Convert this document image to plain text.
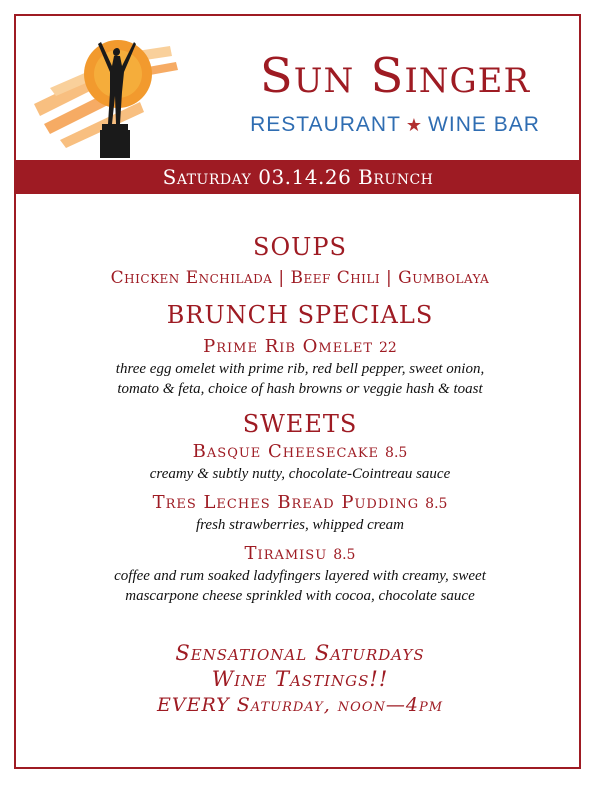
Sun Singer
RESTAURANT ★ WINE BAR
Saturday 03.14.26 Brunch
SOUPS
Chicken Enchilada | Beef Chili | Gumbolaya
BRUNCH SPECIALS
Prime Rib Omelet 22
three egg omelet with prime rib, red bell pepper, sweet onion,
tomato & feta, choice of hash browns or veggie hash & toast
SWEETS
Basque Cheesecake 8.5
creamy & subtly nutty, chocolate-Cointreau sauce
Tres Leches Bread Pudding 8.5
fresh strawberries, whipped cream
Tiramisu 8.5
coffee and rum soaked ladyfingers layered with creamy, sweet
mascarpone cheese sprinkled with cocoa, chocolate sauce
Sensational Saturdays
Wine Tastings!!
EVERY Saturday, noon—4pm
